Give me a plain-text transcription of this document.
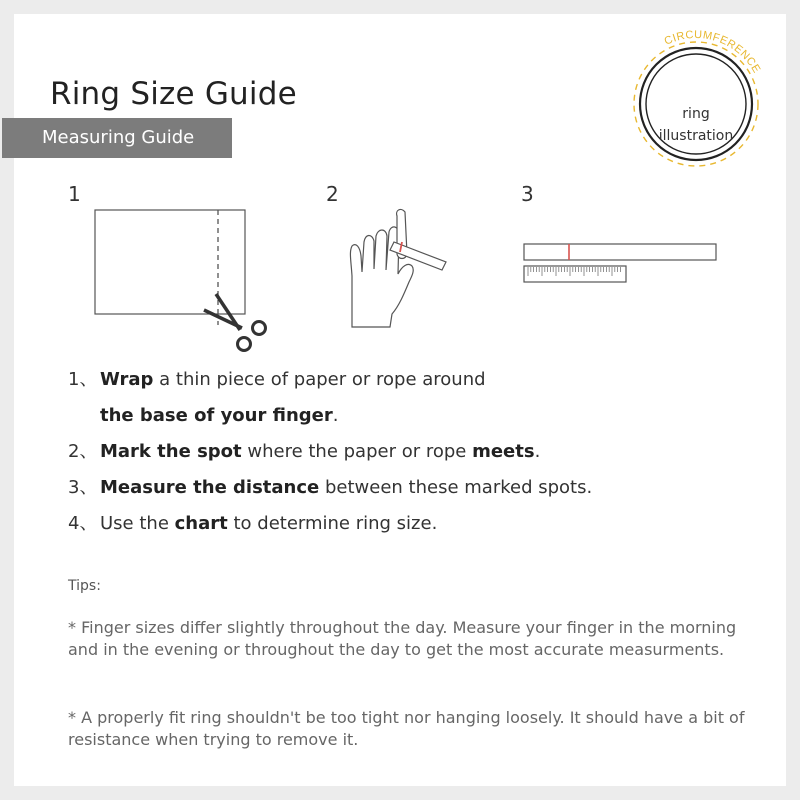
Ring Size Guide
Measuring Guide
CIRCUMFERENCE
ring
illustration
1	2	3
1、 Wrap a thin piece of paper or rope around
the base of your finger.
2、 Mark the spot where the paper or rope meets.
3、 Measure the distance between these marked spots.
4、 Use the chart to determine ring size.
Tips:
* Finger sizes differ slightly throughout the day. Measure your finger in the morning and in the evening or throughout the day to get the most accurate measurments.
* A properly fit ring shouldn't be too tight nor hanging loosely. It should have a bit of resistance when trying to remove it.
